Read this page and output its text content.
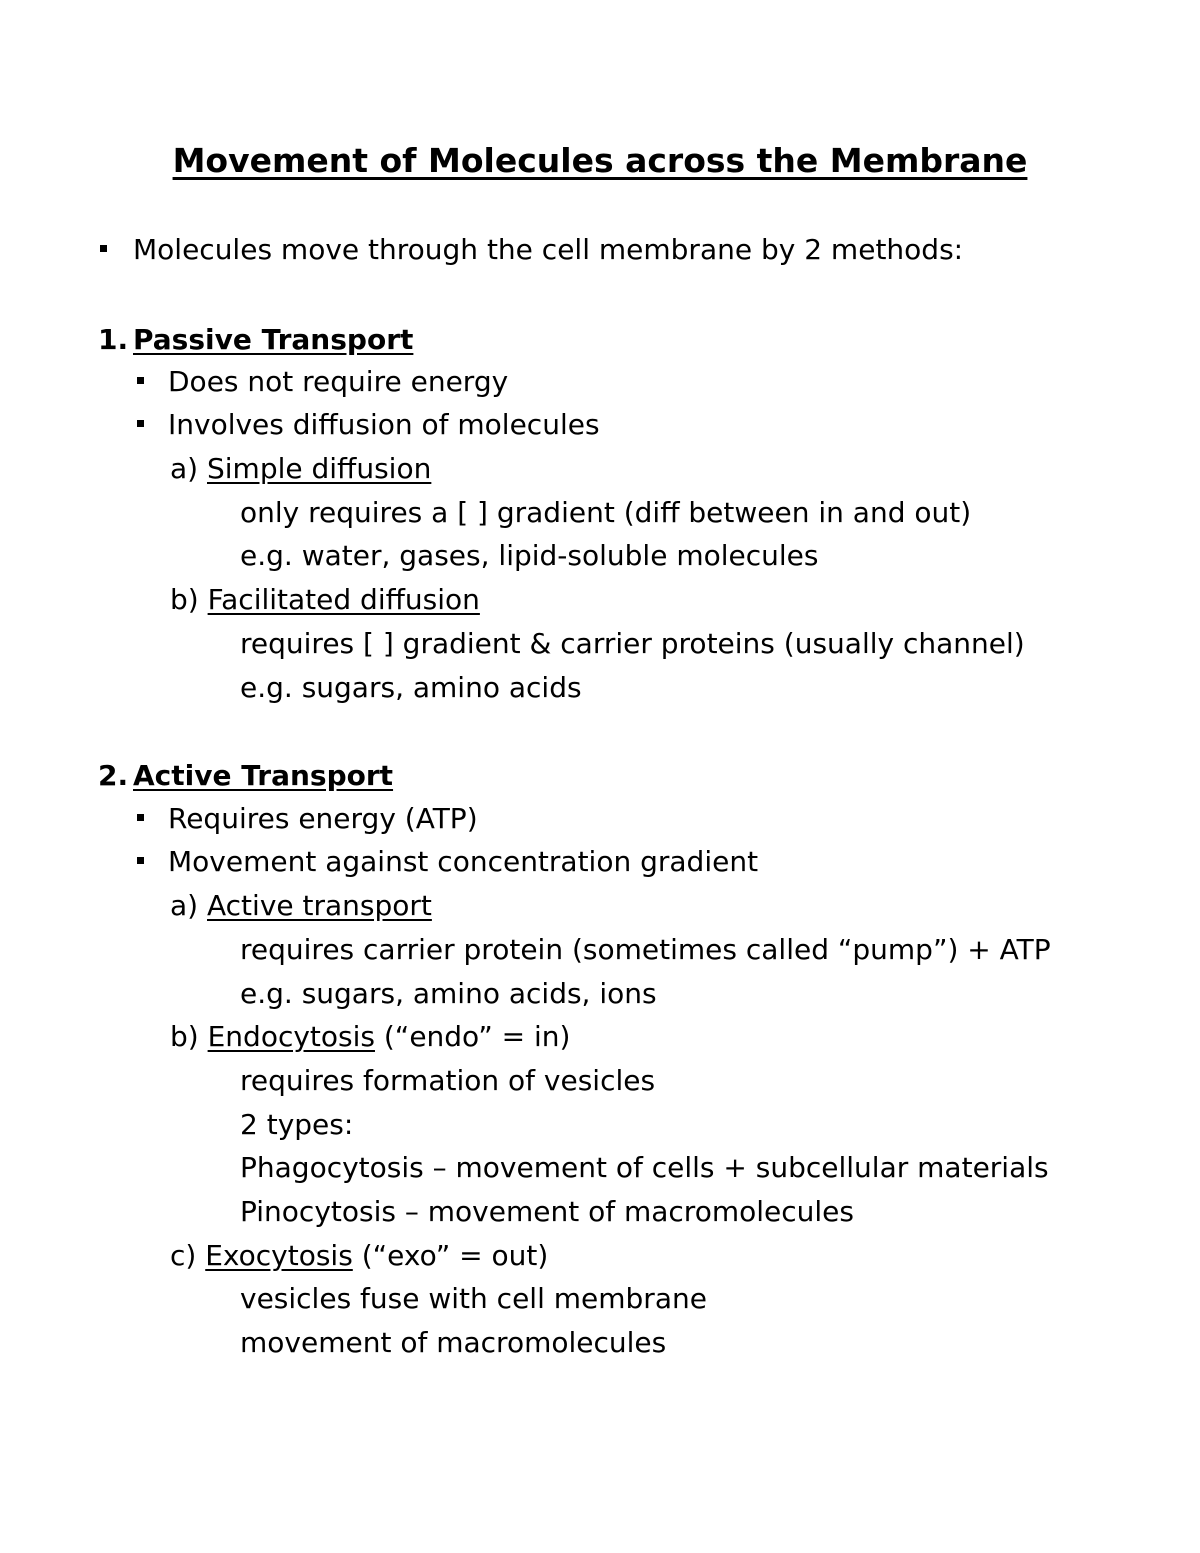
Movement of Molecules across the Membrane
Molecules move through the cell membrane by 2 methods:
1. Passive Transport
Does not require energy
Involves diffusion of molecules
a) Simple diffusion
only requires a [ ] gradient (diff between in and out)
e.g. water, gases, lipid-soluble molecules
b) Facilitated diffusion
requires [ ] gradient & carrier proteins (usually channel)
e.g. sugars, amino acids
2. Active Transport
Requires energy (ATP)
Movement against concentration gradient
a) Active transport
requires carrier protein (sometimes called “pump”) + ATP
e.g. sugars, amino acids, ions
b) Endocytosis (“endo” = in)
requires formation of vesicles
2 types:
Phagocytosis – movement of cells + subcellular materials
Pinocytosis – movement of macromolecules
c) Exocytosis (“exo” = out)
vesicles fuse with cell membrane
movement of macromolecules
